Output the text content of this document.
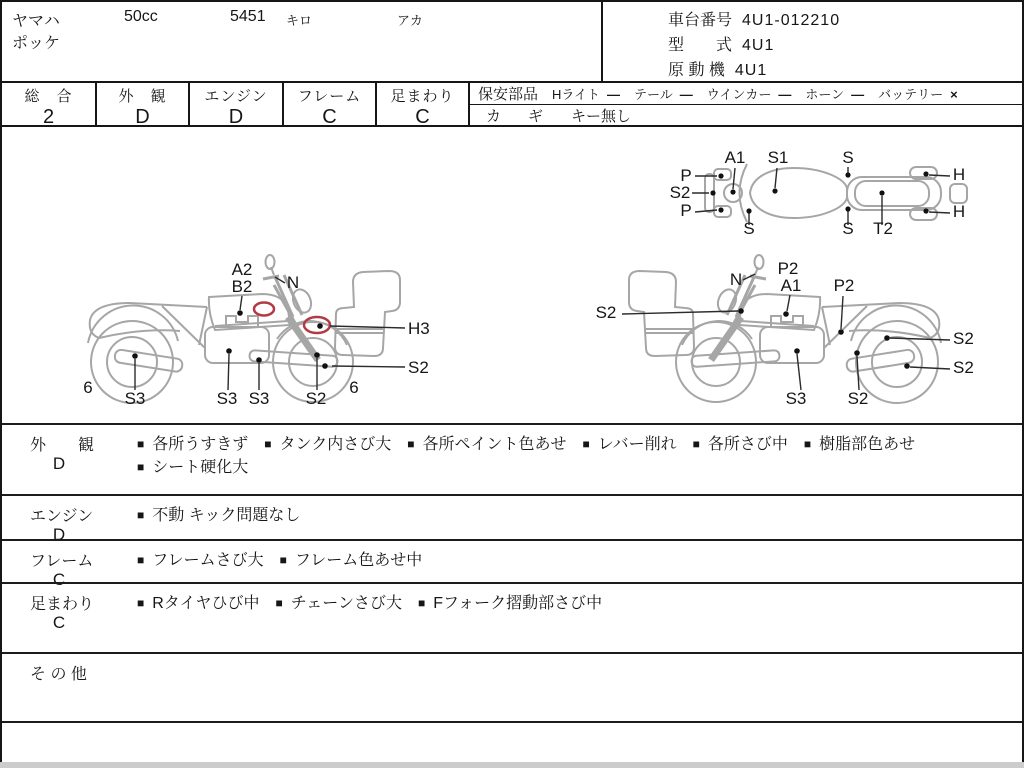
ヤマハ	50cc	5451 キロ	アカ
ポッケ
車台番号 4U1-012210
型　　式 4U1
原 動 機 4U1
総　合
2
外　観
D
エンジン
D
フレーム
C
足まわり
C
保安部品 Hライト — テール — ウインカー — ホーン — バッテリー ×
カ　ギ キー無し
A1 S1	S
P
S2
P
S	S T2
H
H
A2
B2 N
H3
S2
6
S3	S3 S3 S2
6
N
P2
A1 P2
S2
S2
S2
S3 S2
外　　観
D
■ 各所うすきず ■ タンク内さび大 ■ 各所ペイント色あせ ■ レバー削れ ■ 各所さび中 ■ 樹脂部色あせ■ シート硬化大
エンジン
D
■ 不動 キック問題なし
フレーム
C
■ フレームさび大 ■ フレーム色あせ中
足まわり
C
■ Rタイヤひび中 ■ チェーンさび大 ■ Fフォーク摺動部さび中
そ の 他
